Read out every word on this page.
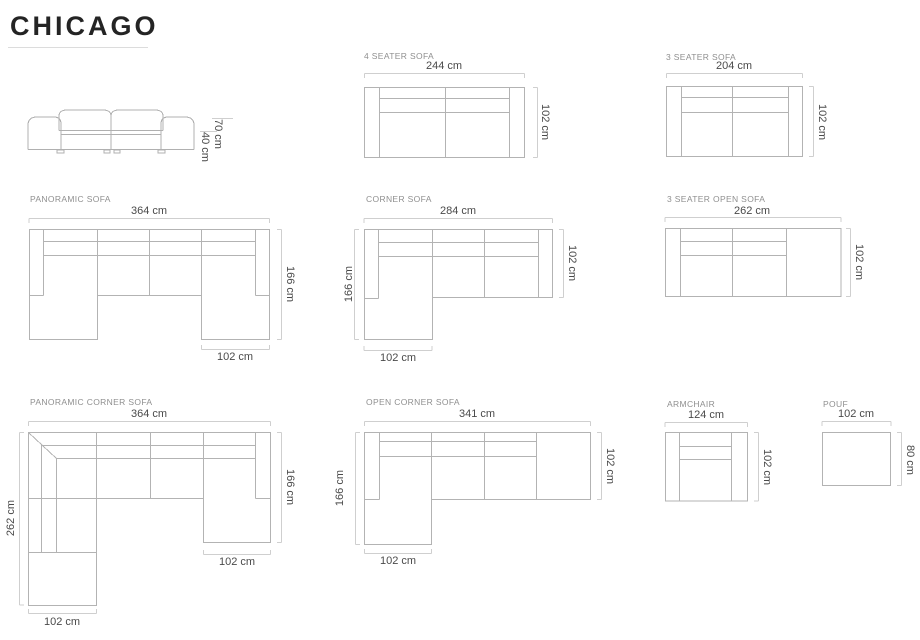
CHICAGO
70 cm
40 cm
4 SEATER SOFA
244 cm
102 cm
3 SEATER SOFA
204 cm
102 cm
PANORAMIC SOFA
364 cm
166 cm
102 cm
CORNER SOFA
284 cm
166 cm
102 cm
102 cm
3 SEATER OPEN SOFA
262 cm
102 cm
PANORAMIC CORNER SOFA
364 cm
262 cm
166 cm
102 cm
102 cm
OPEN CORNER SOFA
341 cm
166 cm
102 cm
102 cm
ARMCHAIR
124 cm
102 cm
POUF
102 cm
80 cm
